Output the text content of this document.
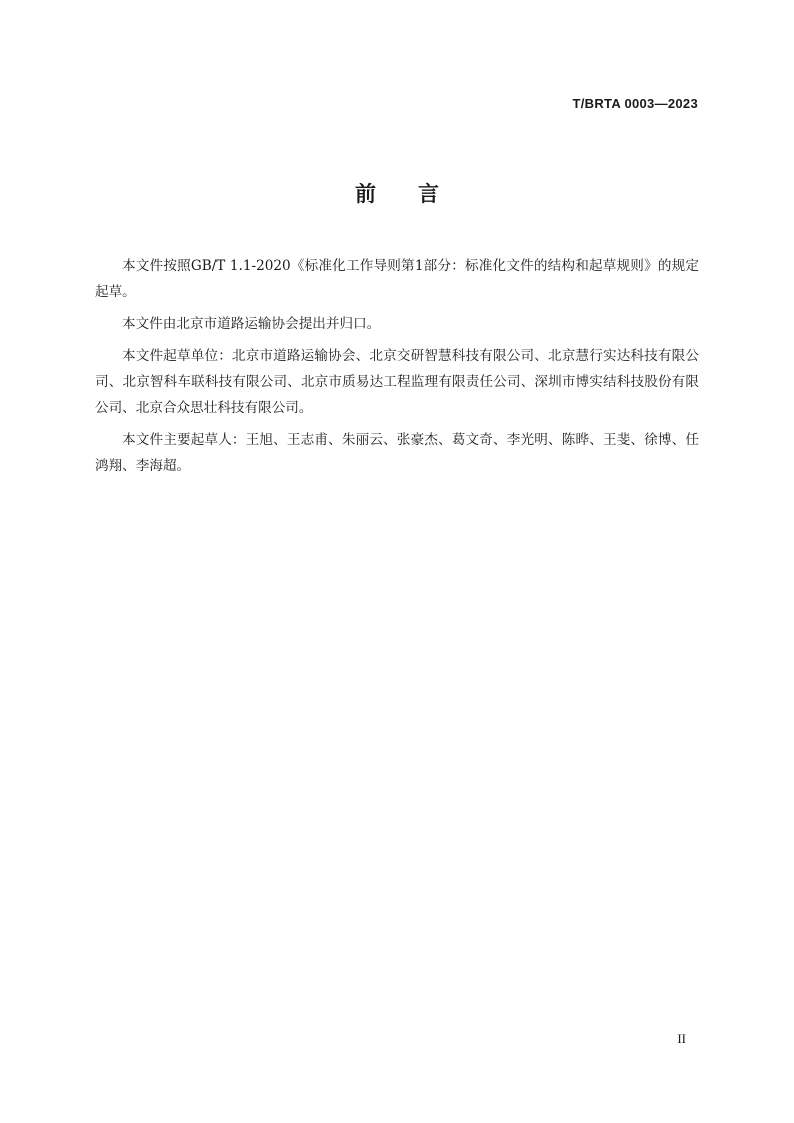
T/BRTA 0003—2023
前 言

本文件按照GB/T 1.1-2020《标准化工作导则第1部分：标准化文件的结构和起草规则》的规定起草。

本文件由北京市道路运输协会提出并归口。

本文件起草单位：北京市道路运输协会、北京交研智慧科技有限公司、北京慧行实达科技有限公司、北京智科车联科技有限公司、北京市质易达工程监理有限责任公司、深圳市博实结科技股份有限公司、北京合众思壮科技有限公司。

本文件主要起草人：王旭、王志甫、朱丽云、张豪杰、葛文奇、李光明、陈晔、王斐、徐博、任鸿翔、李海超。

II
